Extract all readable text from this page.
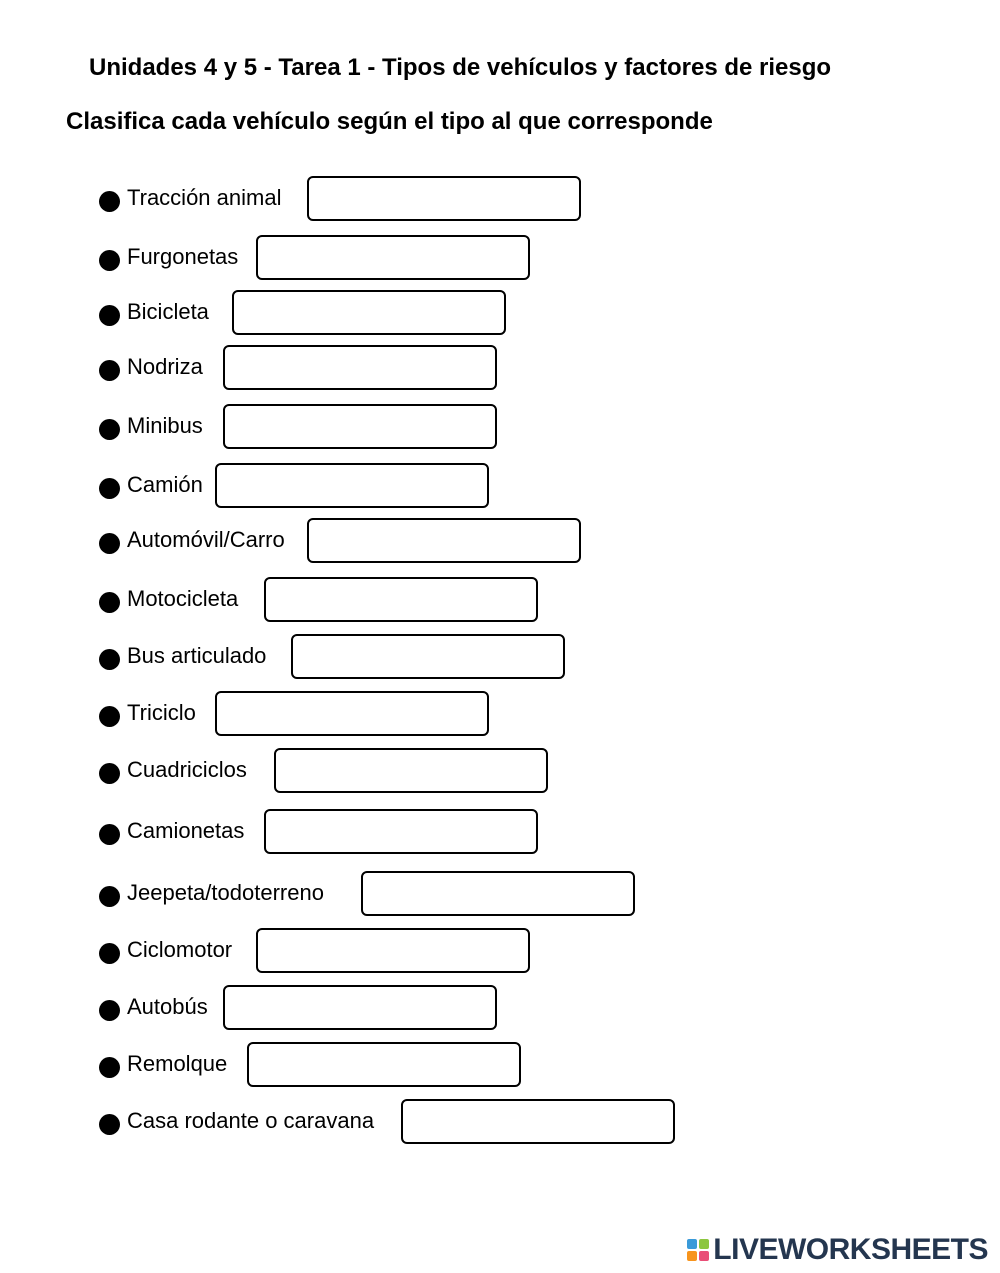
Unidades 4 y 5 - Tarea 1 - Tipos de vehículos y factores de riesgo
Clasifica cada vehículo según el tipo al que corresponde
Tracción animal
Furgonetas
Bicicleta
Nodriza
Minibus
Camión
Automóvil/Carro
Motocicleta
Bus articulado
Triciclo
Cuadriciclos
Camionetas
Jeepeta/todoterreno
Ciclomotor
Autobús
Remolque
Casa rodante o caravana
LIVEWORKSHEETS
